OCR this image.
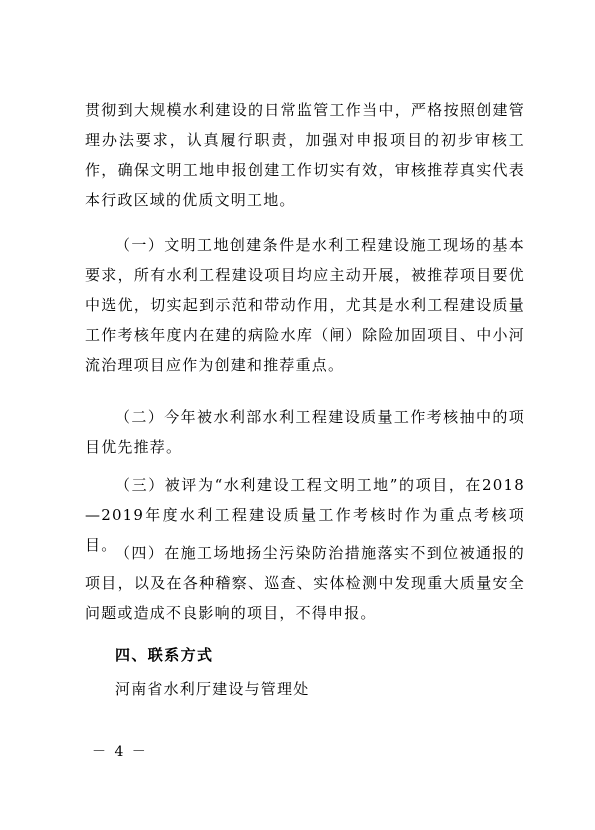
贯彻到大规模水利建设的日常监管工作当中，严格按照创建管理办法要求，认真履行职责，加强对申报项目的初步审核工作，确保文明工地申报创建工作切实有效，审核推荐真实代表本行政区域的优质文明工地。
（一）文明工地创建条件是水利工程建设施工现场的基本要求，所有水利工程建设项目均应主动开展，被推荐项目要优中选优，切实起到示范和带动作用，尤其是水利工程建设质量工作考核年度内在建的病险水库（闸）除险加固项目、中小河流治理项目应作为创建和推荐重点。
（二）今年被水利部水利工程建设质量工作考核抽中的项目优先推荐。
（三）被评为“水利建设工程文明工地”的项目，在2018—2019年度水利工程建设质量工作考核时作为重点考核项目。
（四）在施工场地扬尘污染防治措施落实不到位被通报的项目，以及在各种稽察、巡查、实体检测中发现重大质量安全问题或造成不良影响的项目，不得申报。
四、联系方式
河南省水利厅建设与管理处
－ 4 －
